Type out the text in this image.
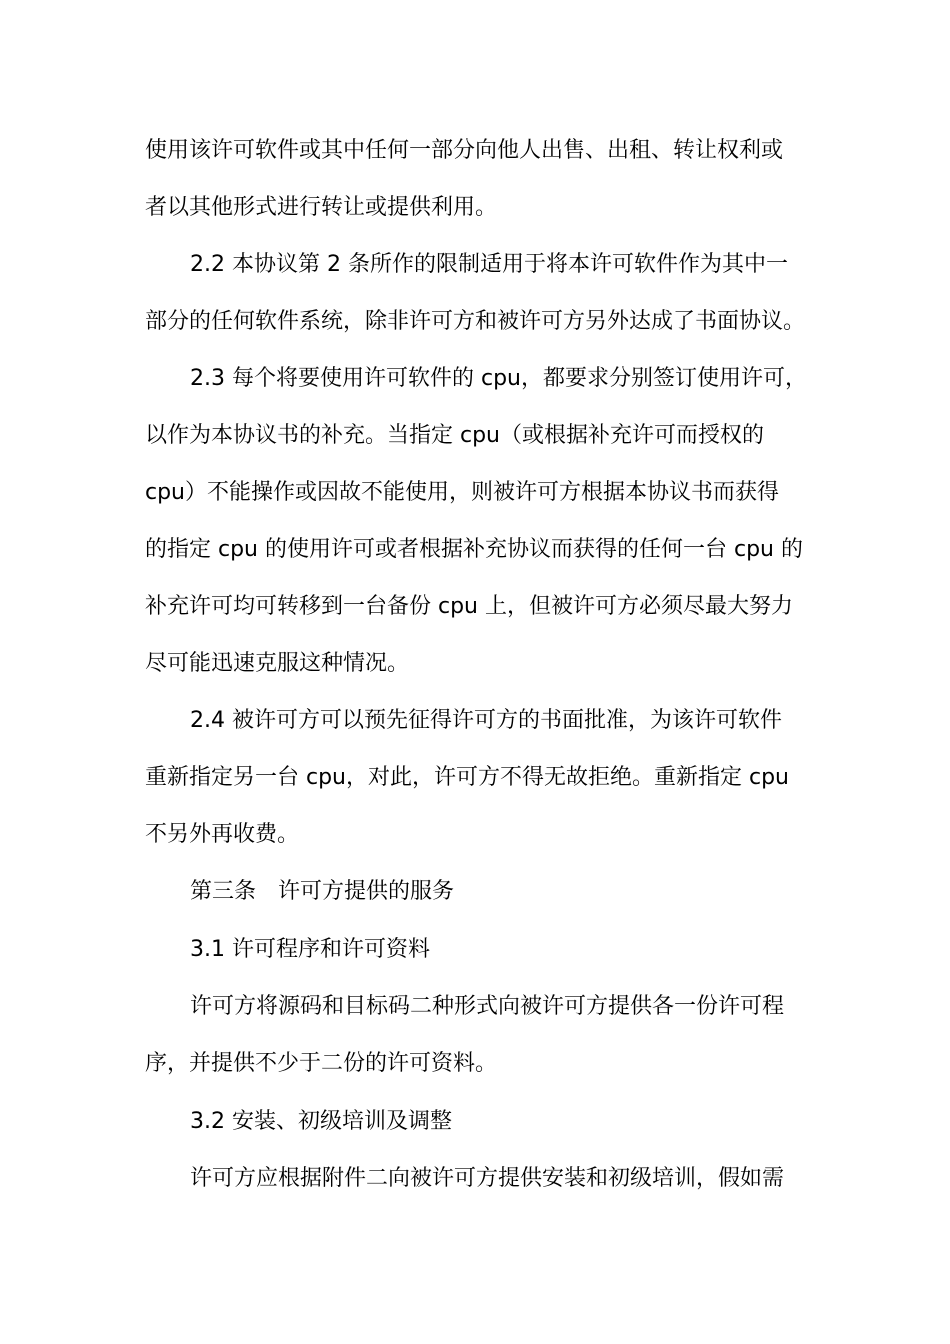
使用该许可软件或其中任何一部分向他人出售、出租、转让权利或
者以其他形式进行转让或提供利用。
2.2 本协议第 2 条所作的限制适用于将本许可软件作为其中一
部分的任何软件系统，除非许可方和被许可方另外达成了书面协议。
2.3 每个将要使用许可软件的 cpu，都要求分别签订使用许可，
以作为本协议书的补充。当指定 cpu（或根据补充许可而授权的
cpu）不能操作或因故不能使用，则被许可方根据本协议书而获得
的指定 cpu 的使用许可或者根据补充协议而获得的任何一台 cpu 的
补充许可均可转移到一台备份 cpu 上，但被许可方必须尽最大努力
尽可能迅速克服这种情况。
2.4 被许可方可以预先征得许可方的书面批准，为该许可软件
重新指定另一台 cpu，对此，许可方不得无故拒绝。重新指定 cpu
不另外再收费。
第三条　许可方提供的服务
3.1 许可程序和许可资料
许可方将源码和目标码二种形式向被许可方提供各一份许可程
序，并提供不少于二份的许可资料。
3.2 安装、初级培训及调整
许可方应根据附件二向被许可方提供安装和初级培训，假如需
